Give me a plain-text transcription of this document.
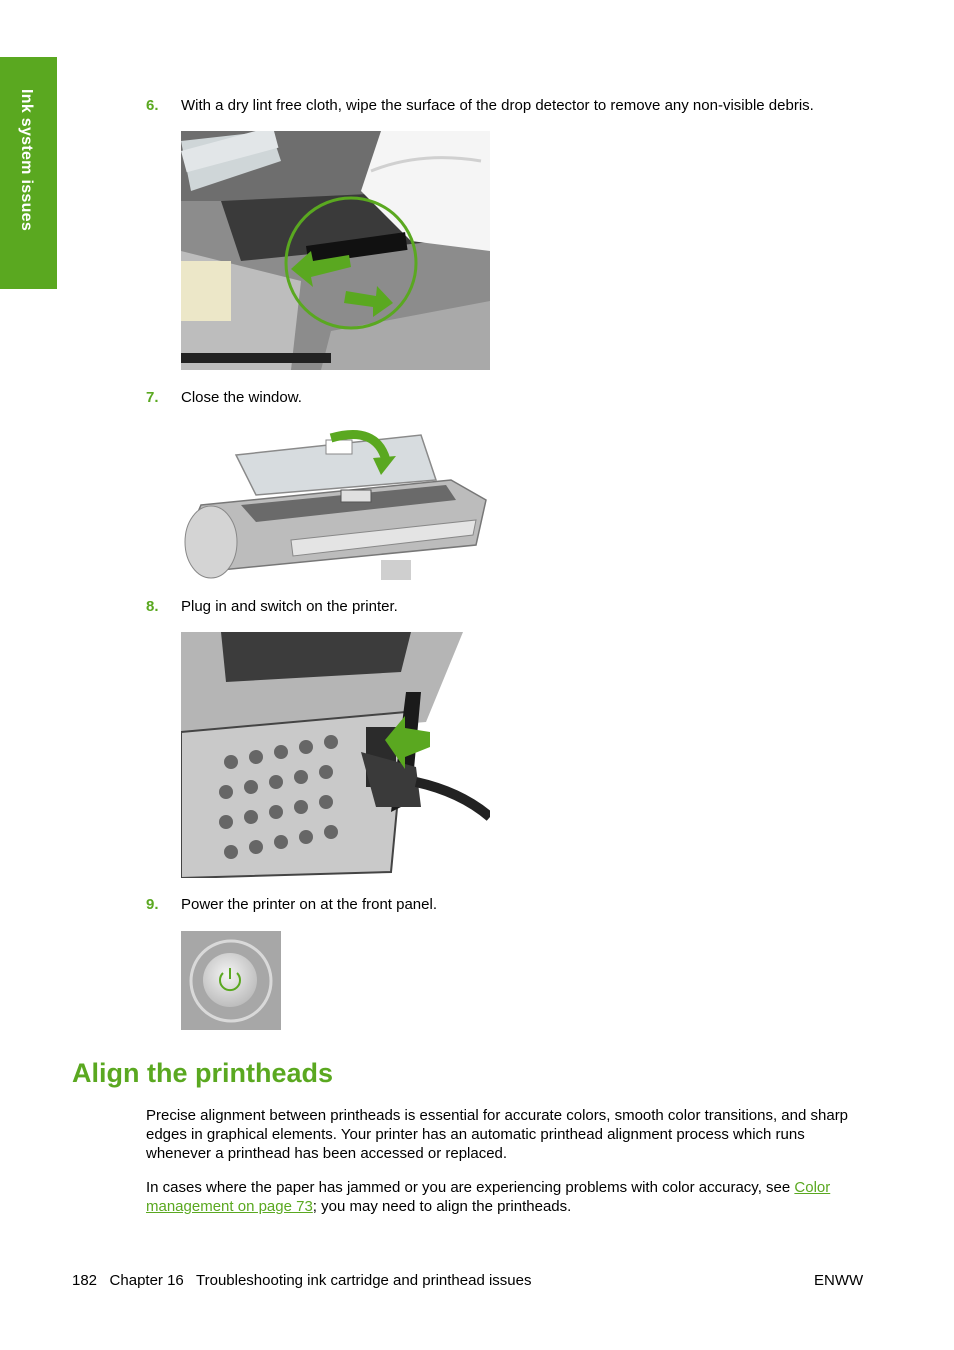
Ink system issues	6. With a dry lint free cloth, wipe the surface of the drop detector to remove any non-visible debris.
7. Close the window.
8. Plug in and switch on the printer.
9. Power the printer on at the front panel.
Align the printheads

Precise alignment between printheads is essential for accurate colors, smooth color transitions, and sharp edges in graphical elements. Your printer has an automatic printhead alignment process which runs whenever a printhead has been accessed or replaced.

In cases where the paper has jammed or you are experiencing problems with color accuracy, see Color management on page 73; you may need to align the printheads.

182 Chapter 16 Troubleshooting ink cartridge and printhead issues	ENWW
